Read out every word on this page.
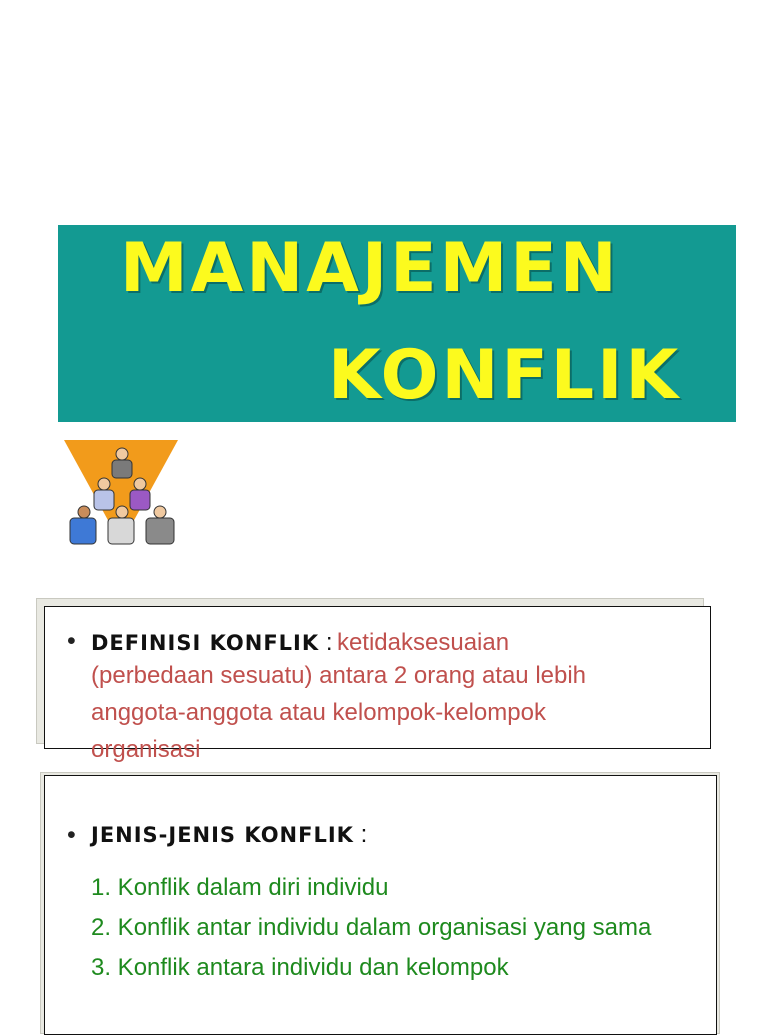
MANAJEMEN
KONFLIK
• DEFINISI KONFLIK : ketidaksesuaian
(perbedaan sesuatu) antara 2 orang atau lebih anggota-anggota atau kelompok-kelompok organisasi
• JENIS-JENIS KONFLIK :
1. Konflik dalam diri individu
2. Konflik antar individu dalam organisasi yang sama
3. Konflik antara individu dan kelompok
